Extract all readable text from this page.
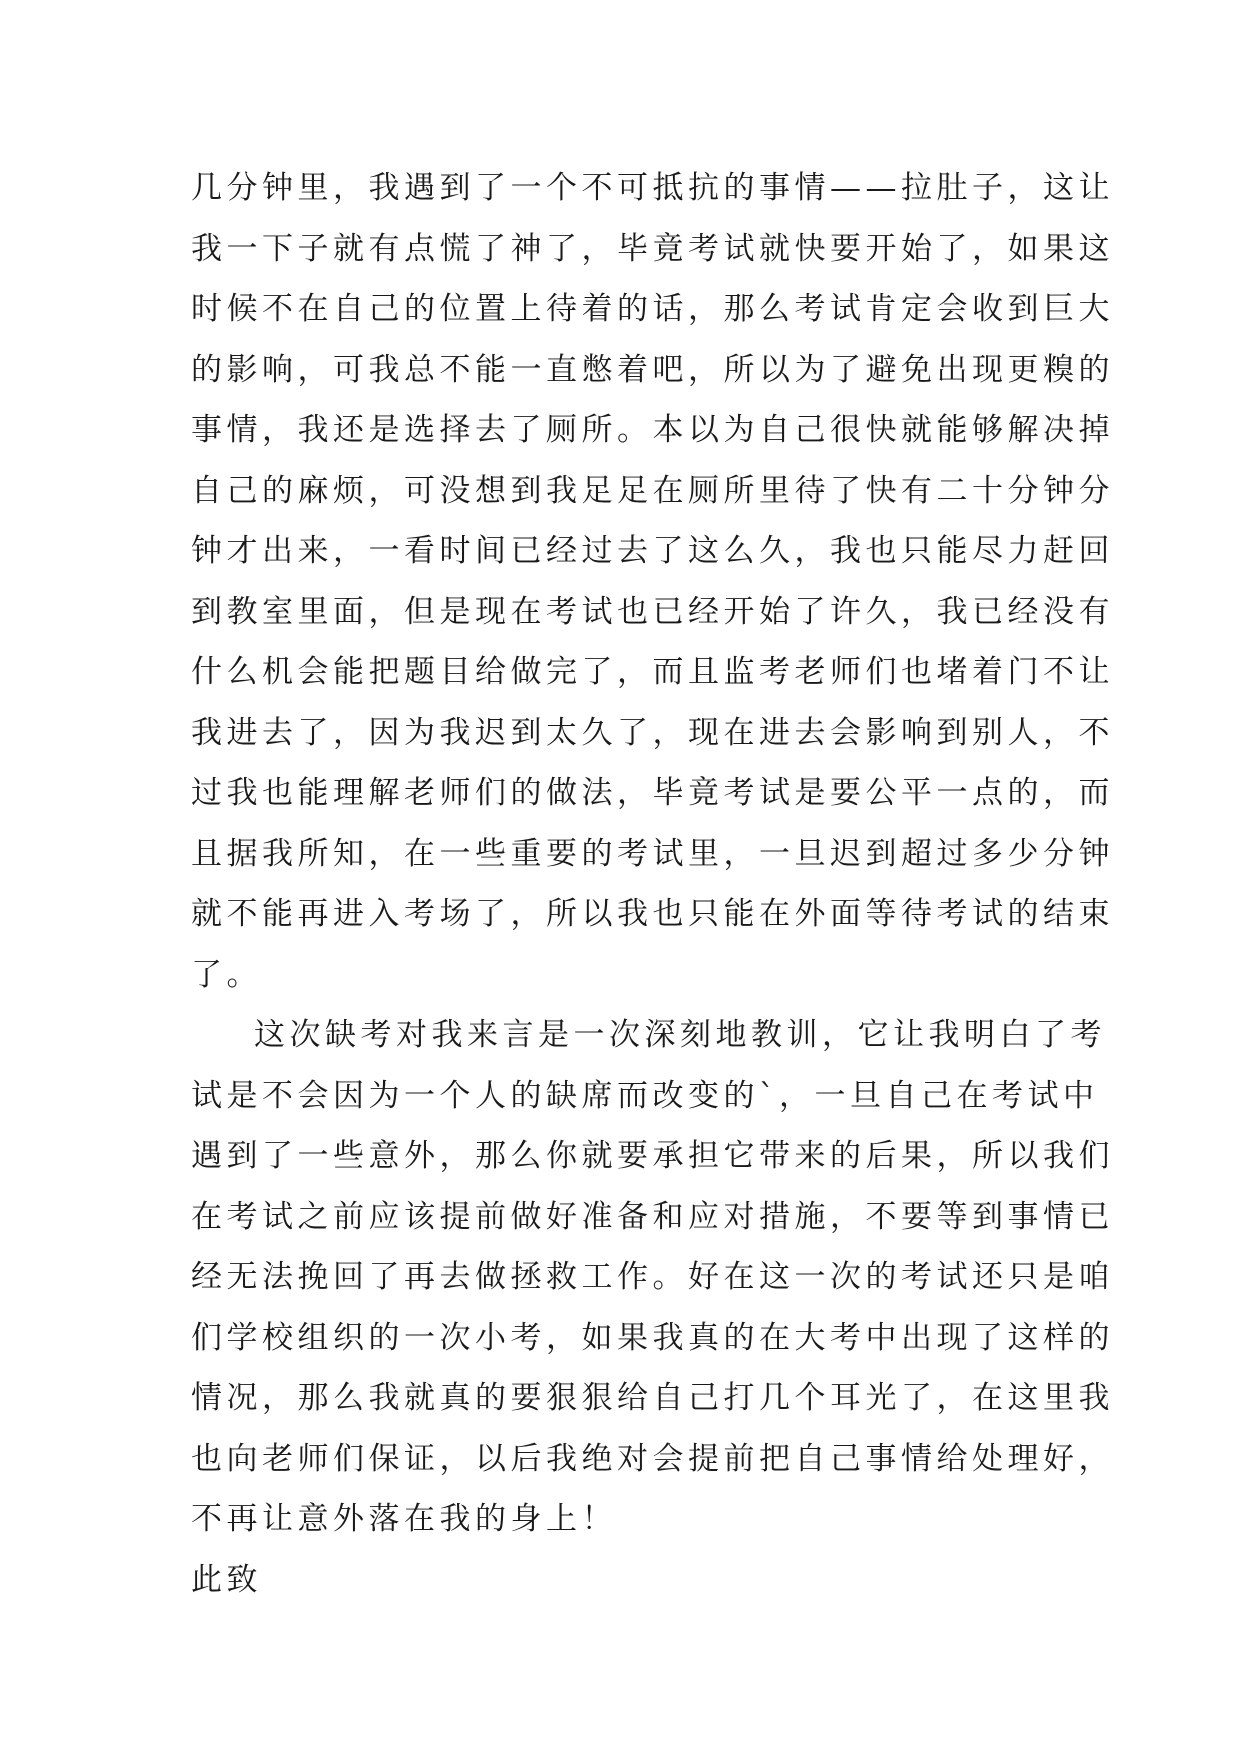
几分钟里，我遇到了一个不可抵抗的事情——拉肚子，这让
我一下子就有点慌了神了，毕竟考试就快要开始了，如果这
时候不在自己的位置上待着的话，那么考试肯定会收到巨大
的影响，可我总不能一直憋着吧，所以为了避免出现更糗的
事情，我还是选择去了厕所。本以为自己很快就能够解决掉
自己的麻烦，可没想到我足足在厕所里待了快有二十分钟分
钟才出来，一看时间已经过去了这么久，我也只能尽力赶回
到教室里面，但是现在考试也已经开始了许久，我已经没有
什么机会能把题目给做完了，而且监考老师们也堵着门不让
我进去了，因为我迟到太久了，现在进去会影响到别人，不
过我也能理解老师们的做法，毕竟考试是要公平一点的，而
且据我所知，在一些重要的考试里，一旦迟到超过多少分钟
就不能再进入考场了，所以我也只能在外面等待考试的结束
了。
这次缺考对我来言是一次深刻地教训，它让我明白了考
试是不会因为一个人的缺席而改变的`，一旦自己在考试中
遇到了一些意外，那么你就要承担它带来的后果，所以我们
在考试之前应该提前做好准备和应对措施，不要等到事情已
经无法挽回了再去做拯救工作。好在这一次的考试还只是咱
们学校组织的一次小考，如果我真的在大考中出现了这样的
情况，那么我就真的要狠狠给自己打几个耳光了，在这里我
也向老师们保证，以后我绝对会提前把自己事情给处理好，
不再让意外落在我的身上！
此致
